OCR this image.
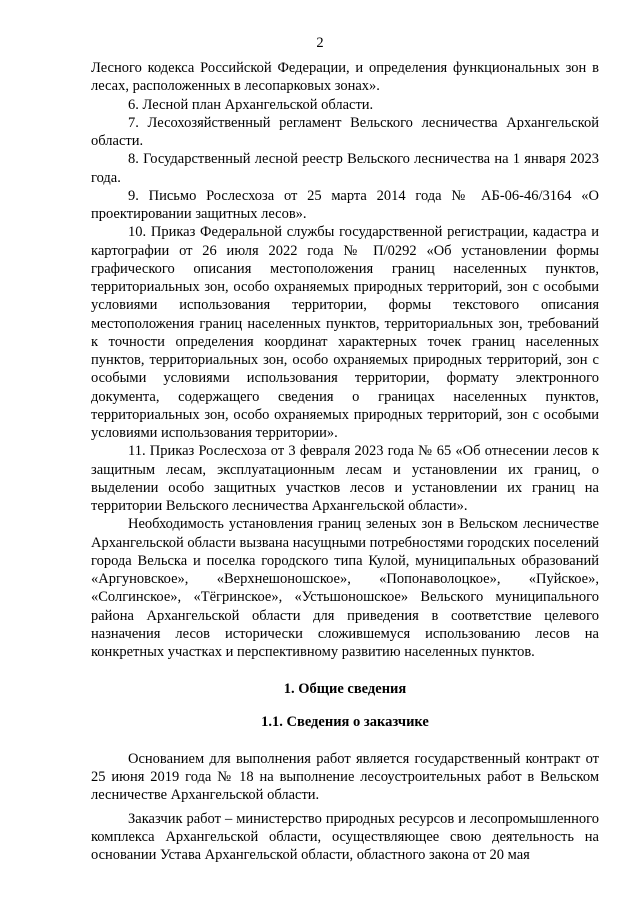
2

Лесного кодекса Российской Федерации, и определения функциональных зон в лесах, расположенных в лесопарковых зонах».

6. Лесной план Архангельской области.

7. Лесохозяйственный регламент Вельского лесничества Архангельской области.

8. Государственный лесной реестр Вельского лесничества на 1 января 2023 года.

9. Письмо Рослесхоза от 25 марта 2014 года № АБ-06-46/3164 «О проектировании защитных лесов».

10. Приказ Федеральной службы государственной регистрации, кадастра и картографии от 26 июля 2022 года № П/0292 «Об установлении формы графического описания местоположения границ населенных пунктов, территориальных зон, особо охраняемых природных территорий, зон с особыми условиями использования территории, формы текстового описания местоположения границ населенных пунктов, территориальных зон, требований к точности определения координат характерных точек границ населенных пунктов, территориальных зон, особо охраняемых природных территорий, зон с особыми условиями использования территории, формату электронного документа, содержащего сведения о границах населенных пунктов, территориальных зон, особо охраняемых природных территорий, зон с особыми условиями использования территории».

11. Приказ Рослесхоза от 3 февраля 2023 года № 65 «Об отнесении лесов к защитным лесам, эксплуатационным лесам и установлении их границ, о выделении особо защитных участков лесов и установлении их границ на территории Вельского лесничества Архангельской области».

Необходимость установления границ зеленых зон в Вельском лесничестве Архангельской области вызвана насущными потребностями городских поселений города Вельска и поселка городского типа Кулой, муниципальных образований «Аргуновское», «Верхнешоношское», «Попонаволоцкое», «Пуйское», «Солгинское», «Тёгринское», «Устьшоношское» Вельского муниципального района Архангельской области для приведения в соответствие целевого назначения лесов исторически сложившемуся использованию лесов на конкретных участках и перспективному развитию населенных пунктов.

1. Общие сведения

1.1. Сведения о заказчике

Основанием для выполнения работ является государственный контракт от 25 июня 2019 года № 18 на выполнение лесоустроительных работ в Вельском лесничестве Архангельской области.

Заказчик работ – министерство природных ресурсов и лесопромышленного комплекса Архангельской области, осуществляющее свою деятельность на основании Устава Архангельской области, областного закона от 20 мая
